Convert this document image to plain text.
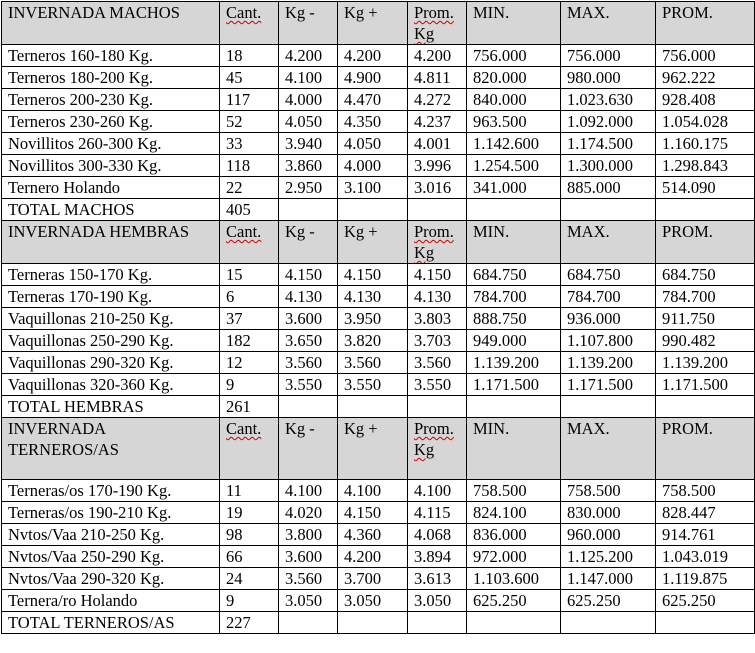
INVERNADA MACHOS	Cant.	Kg -	Kg +	Prom. Kg	MIN.	MAX.	PROM.
Terneros 160-180 Kg.	18	4.200	4.200	4.200	756.000	756.000	756.000
Terneros 180-200 Kg.	45	4.100	4.900	4.811	820.000	980.000	962.222
Terneros 200-230 Kg.	117	4.000	4.470	4.272	840.000	1.023.630	928.408
Terneros 230-260 Kg.	52	4.050	4.350	4.237	963.500	1.092.000	1.054.028
Novillitos 260-300 Kg.	33	3.940	4.050	4.001	1.142.600	1.174.500	1.160.175
Novillitos 300-330 Kg.	118	3.860	4.000	3.996	1.254.500	1.300.000	1.298.843
Ternero Holando	22	2.950	3.100	3.016	341.000	885.000	514.090
TOTAL MACHOS	405						
INVERNADA HEMBRAS	Cant.	Kg -	Kg +	Prom. Kg	MIN.	MAX.	PROM.
Terneras 150-170 Kg.	15	4.150	4.150	4.150	684.750	684.750	684.750
Terneras 170-190 Kg.	6	4.130	4.130	4.130	784.700	784.700	784.700
Vaquillonas 210-250 Kg.	37	3.600	3.950	3.803	888.750	936.000	911.750
Vaquillonas 250-290 Kg.	182	3.650	3.820	3.703	949.000	1.107.800	990.482
Vaquillonas 290-320 Kg.	12	3.560	3.560	3.560	1.139.200	1.139.200	1.139.200
Vaquillonas 320-360 Kg.	9	3.550	3.550	3.550	1.171.500	1.171.500	1.171.500
TOTAL HEMBRAS	261						
INVERNADA TERNEROS/AS	Cant.	Kg -	Kg +	Prom. Kg	MIN.	MAX.	PROM.
Terneras/os 170-190 Kg.	11	4.100	4.100	4.100	758.500	758.500	758.500
Terneras/os 190-210 Kg.	19	4.020	4.150	4.115	824.100	830.000	828.447
Nvtos/Vaa 210-250 Kg.	98	3.800	4.360	4.068	836.000	960.000	914.761
Nvtos/Vaa 250-290 Kg.	66	3.600	4.200	3.894	972.000	1.125.200	1.043.019
Nvtos/Vaa 290-320 Kg.	24	3.560	3.700	3.613	1.103.600	1.147.000	1.119.875
Ternera/ro Holando	9	3.050	3.050	3.050	625.250	625.250	625.250
TOTAL TERNEROS/AS	227						
